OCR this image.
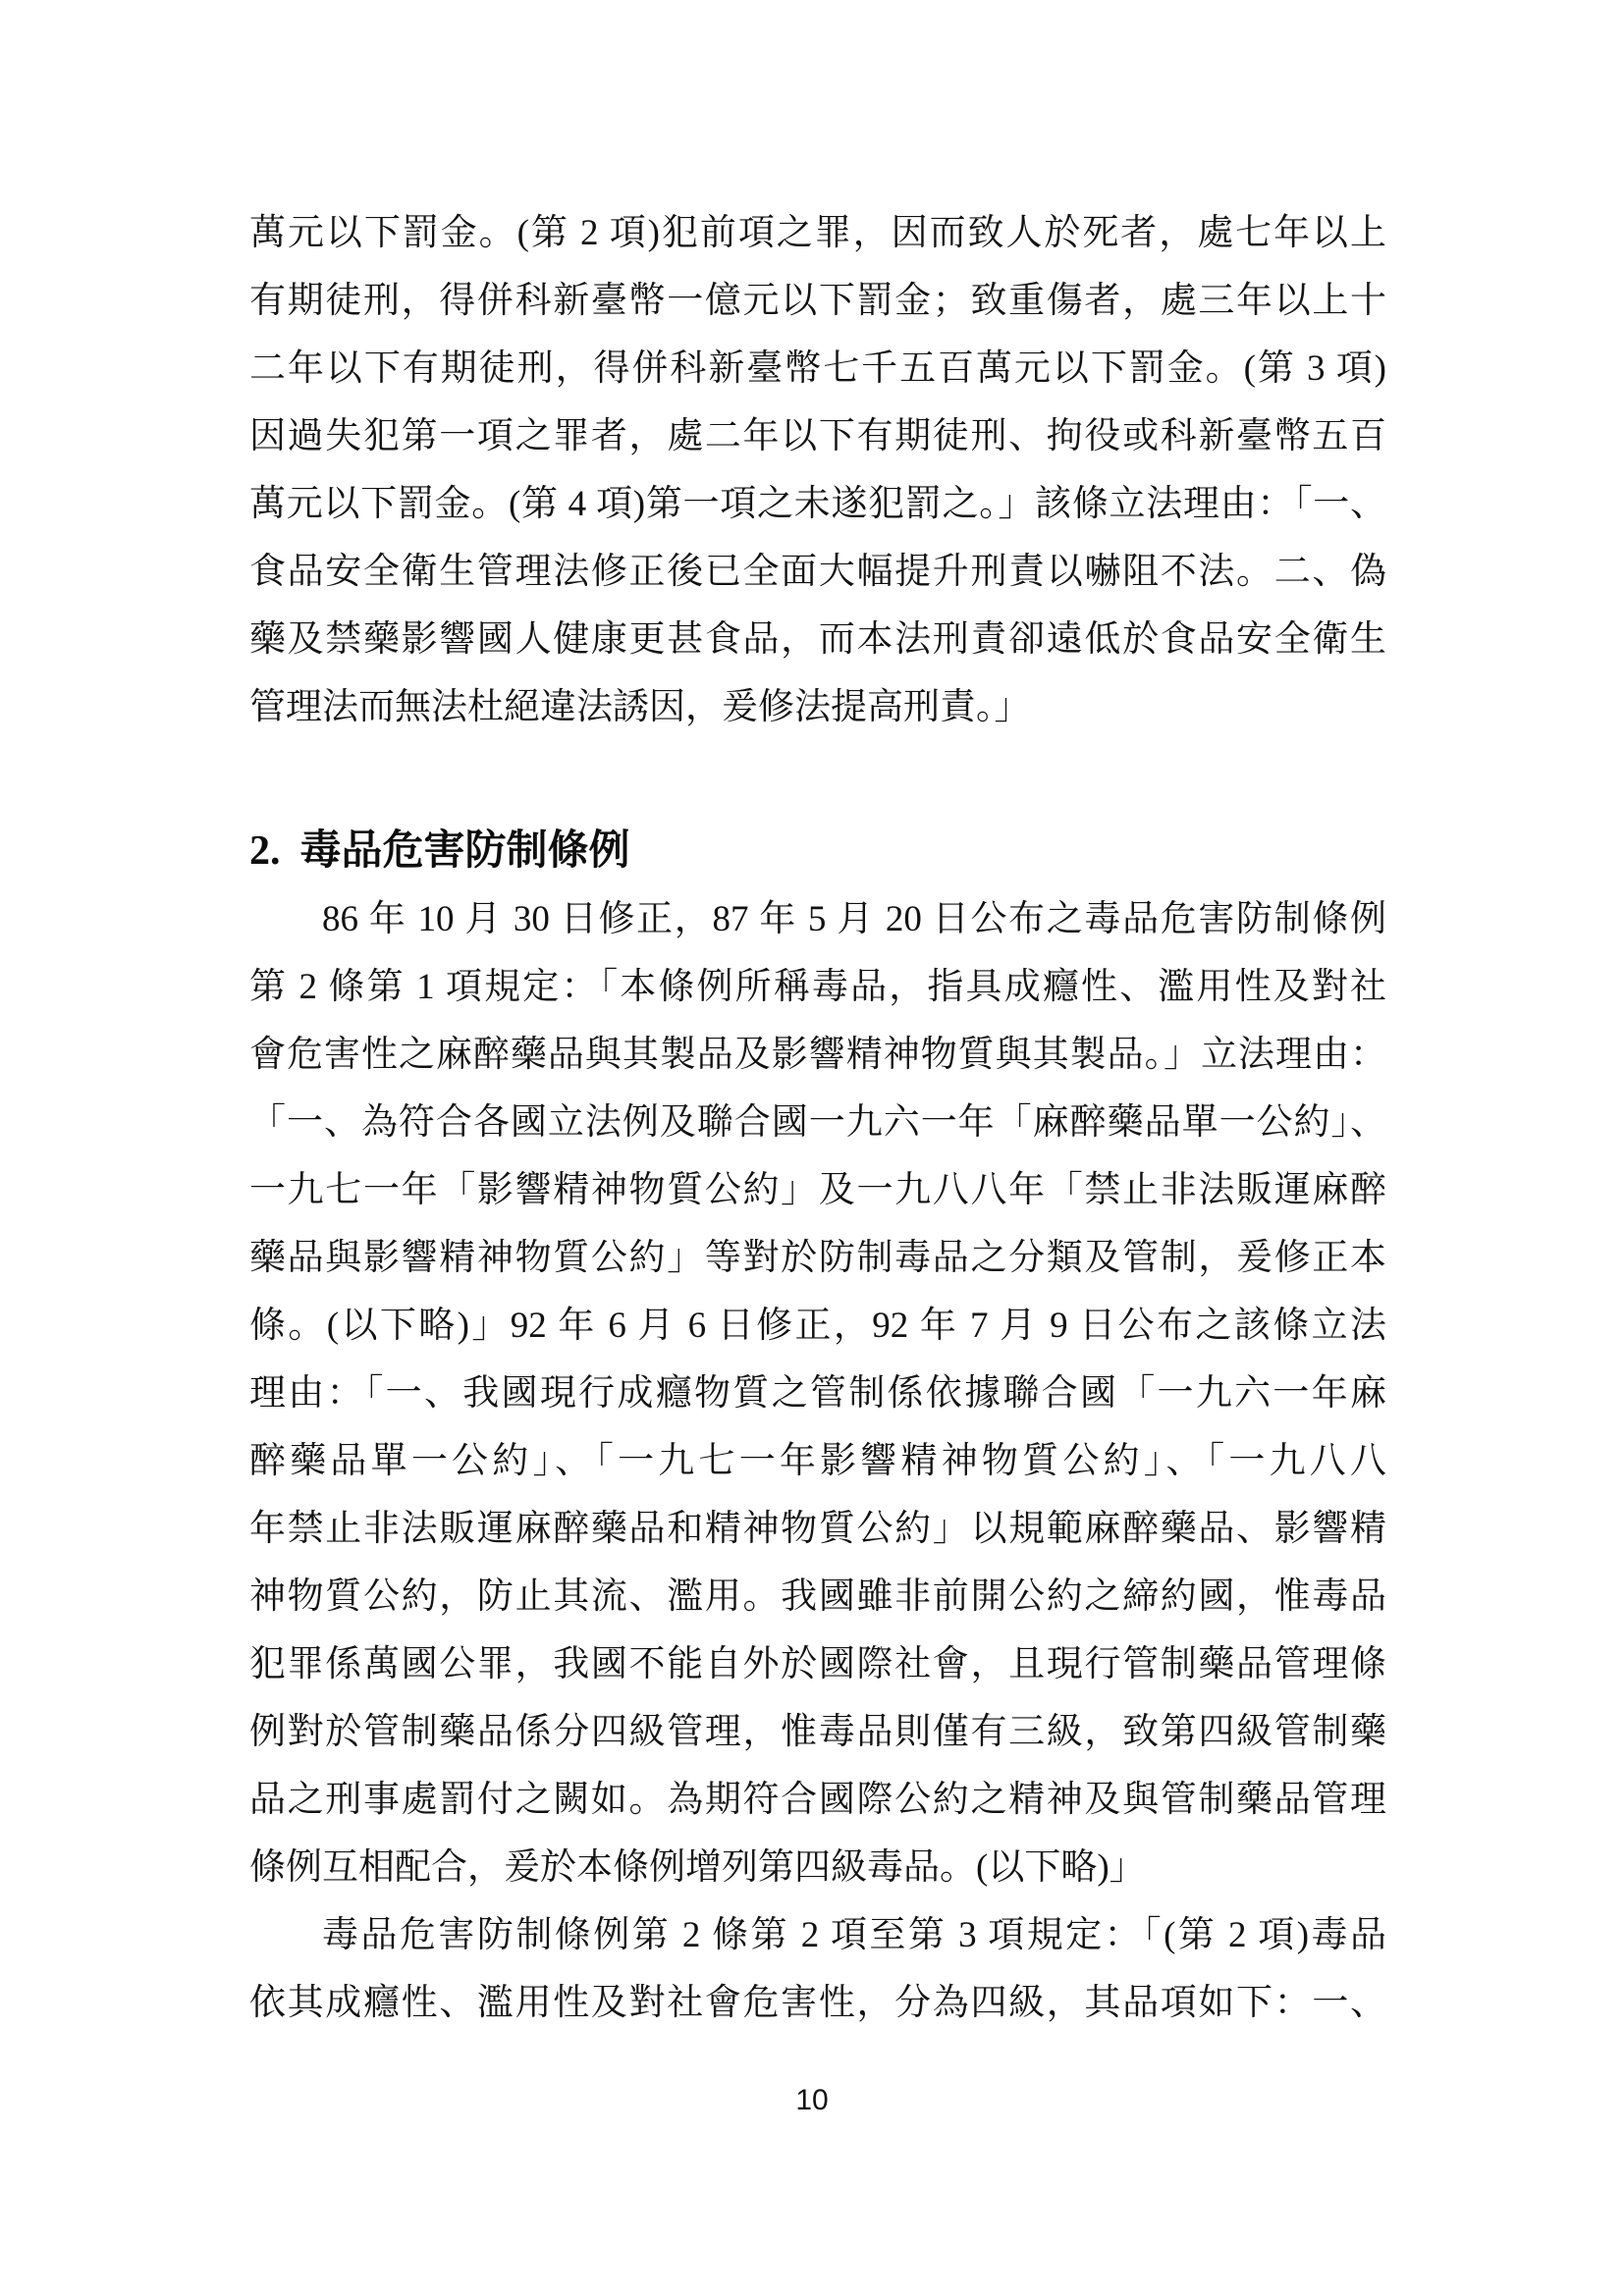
萬元以下罰金。(第 2 項)犯前項之罪，因而致人於死者，處七年以上
有期徒刑，得併科新臺幣一億元以下罰金；致重傷者，處三年以上十
二年以下有期徒刑，得併科新臺幣七千五百萬元以下罰金。(第 3 項)
因過失犯第一項之罪者，處二年以下有期徒刑、拘役或科新臺幣五百
萬元以下罰金。(第 4 項)第一項之未遂犯罰之。」該條立法理由：「一、
食品安全衛生管理法修正後已全面大幅提升刑責以嚇阻不法。二、偽
藥及禁藥影響國人健康更甚食品，而本法刑責卻遠低於食品安全衛生
管理法而無法杜絕違法誘因，爰修法提高刑責。」
2. 毒品危害防制條例
86 年 10 月 30 日修正，87 年 5 月 20 日公布之毒品危害防制條例
第 2 條第 1 項規定：「本條例所稱毒品，指具成癮性、濫用性及對社
會危害性之麻醉藥品與其製品及影響精神物質與其製品。」立法理由：
「一、為符合各國立法例及聯合國一九六一年「麻醉藥品單一公約」、
一九七一年「影響精神物質公約」及一九八八年「禁止非法販運麻醉
藥品與影響精神物質公約」等對於防制毒品之分類及管制，爰修正本
條。(以下略)」92 年 6 月 6 日修正，92 年 7 月 9 日公布之該條立法
理由：「一、我國現行成癮物質之管制係依據聯合國「一九六一年麻
醉藥品單一公約」、「一九七一年影響精神物質公約」、「一九八八
年禁止非法販運麻醉藥品和精神物質公約」以規範麻醉藥品、影響精
神物質公約，防止其流、濫用。我國雖非前開公約之締約國，惟毒品
犯罪係萬國公罪，我國不能自外於國際社會，且現行管制藥品管理條
例對於管制藥品係分四級管理，惟毒品則僅有三級，致第四級管制藥
品之刑事處罰付之闕如。為期符合國際公約之精神及與管制藥品管理
條例互相配合，爰於本條例增列第四級毒品。(以下略)」
毒品危害防制條例第 2 條第 2 項至第 3 項規定：「(第 2 項)毒品
依其成癮性、濫用性及對社會危害性，分為四級，其品項如下：一、
10
